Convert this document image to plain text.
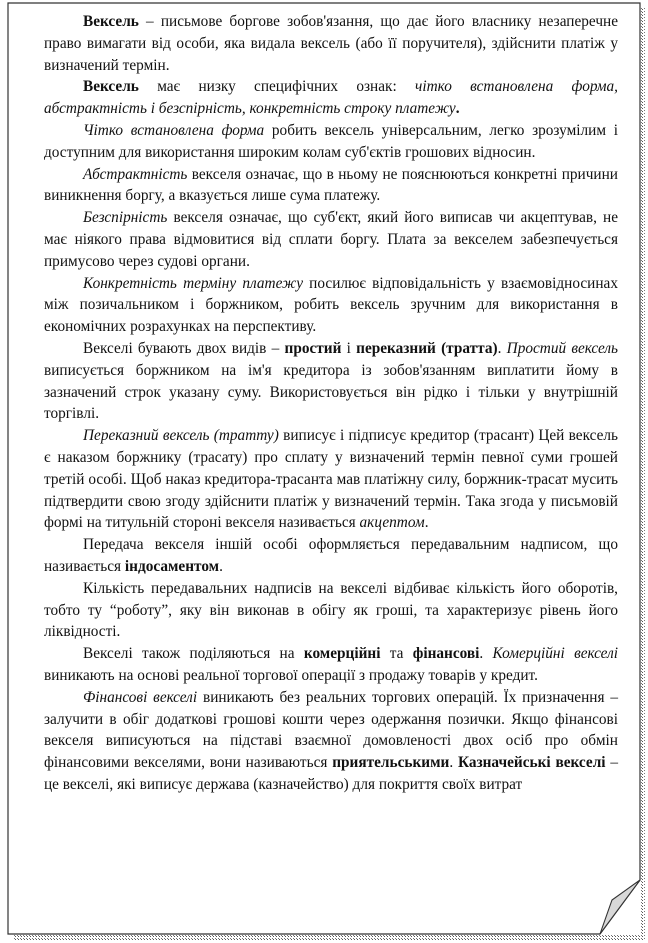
Вексель – письмове боргове зобов'язання, що дає його власнику незаперечне право вимагати від особи, яка видала вексель (або її поручителя), здійснити платіж у визначений термін.

Вексель має низку специфічних ознак: чітко встановлена форма, абстрактність і безспірність, конкретність строку платежу.

Чітко встановлена форма робить вексель універсальним, легко зрозумілим і доступним для використання широким колам суб'єктів грошових відносин.

Абстрактність векселя означає, що в ньому не пояснюються конкретні причини виникнення боргу, а вказується лише сума платежу.

Безспірність векселя означає, що суб'єкт, який його виписав чи акцептував, не має ніякого права відмовитися від сплати боргу. Плата за векселем забезпечується примусово через судові органи.

Конкретність терміну платежу посилює відповідальність у взаємовідносинах між позичальником і боржником, робить вексель зручним для використання в економічних розрахунках на перспективу.

Векселі бувають двох видів – простий і переказний (тратта). Простий вексель виписується боржником на ім'я кредитора із зобов'язанням виплатити йому в зазначений строк указану суму. Використовується він рідко і тільки у внутрішній торгівлі.

Переказний вексель (тратту) виписує і підписує кредитор (трасант) Цей вексель є наказом боржнику (трасату) про сплату у визначений термін певної суми грошей третій особі. Щоб наказ кредитора-трасанта мав платіжну силу, боржник-трасат мусить підтвердити свою згоду здійснити платіж у визначений термін. Така згода у письмовій формі на титульній стороні векселя називається акцептом.

Передача векселя іншій особі оформляється передавальним надписом, що називається індосаментом.

Кількість передавальних надписів на векселі відбиває кількість його оборотів, тобто ту “роботу”, яку він виконав в обігу як гроші, та характеризує рівень його ліквідності.

Векселі також поділяються на комерційні та фінансові. Комерційні векселі виникають на основі реальної торгової операції з продажу товарів у кредит.

Фінансові векселі виникають без реальних торгових операцій. Їх призначення – залучити в обіг додаткові грошові кошти через одержання позички. Якщо фінансові векселя виписуються на підставі взаємної домовленості двох осіб про обмін фінансовими векселями, вони називаються приятельськими. Казначейські векселі – це векселі, які виписує держава (казначейство) для покриття своїх витрат
